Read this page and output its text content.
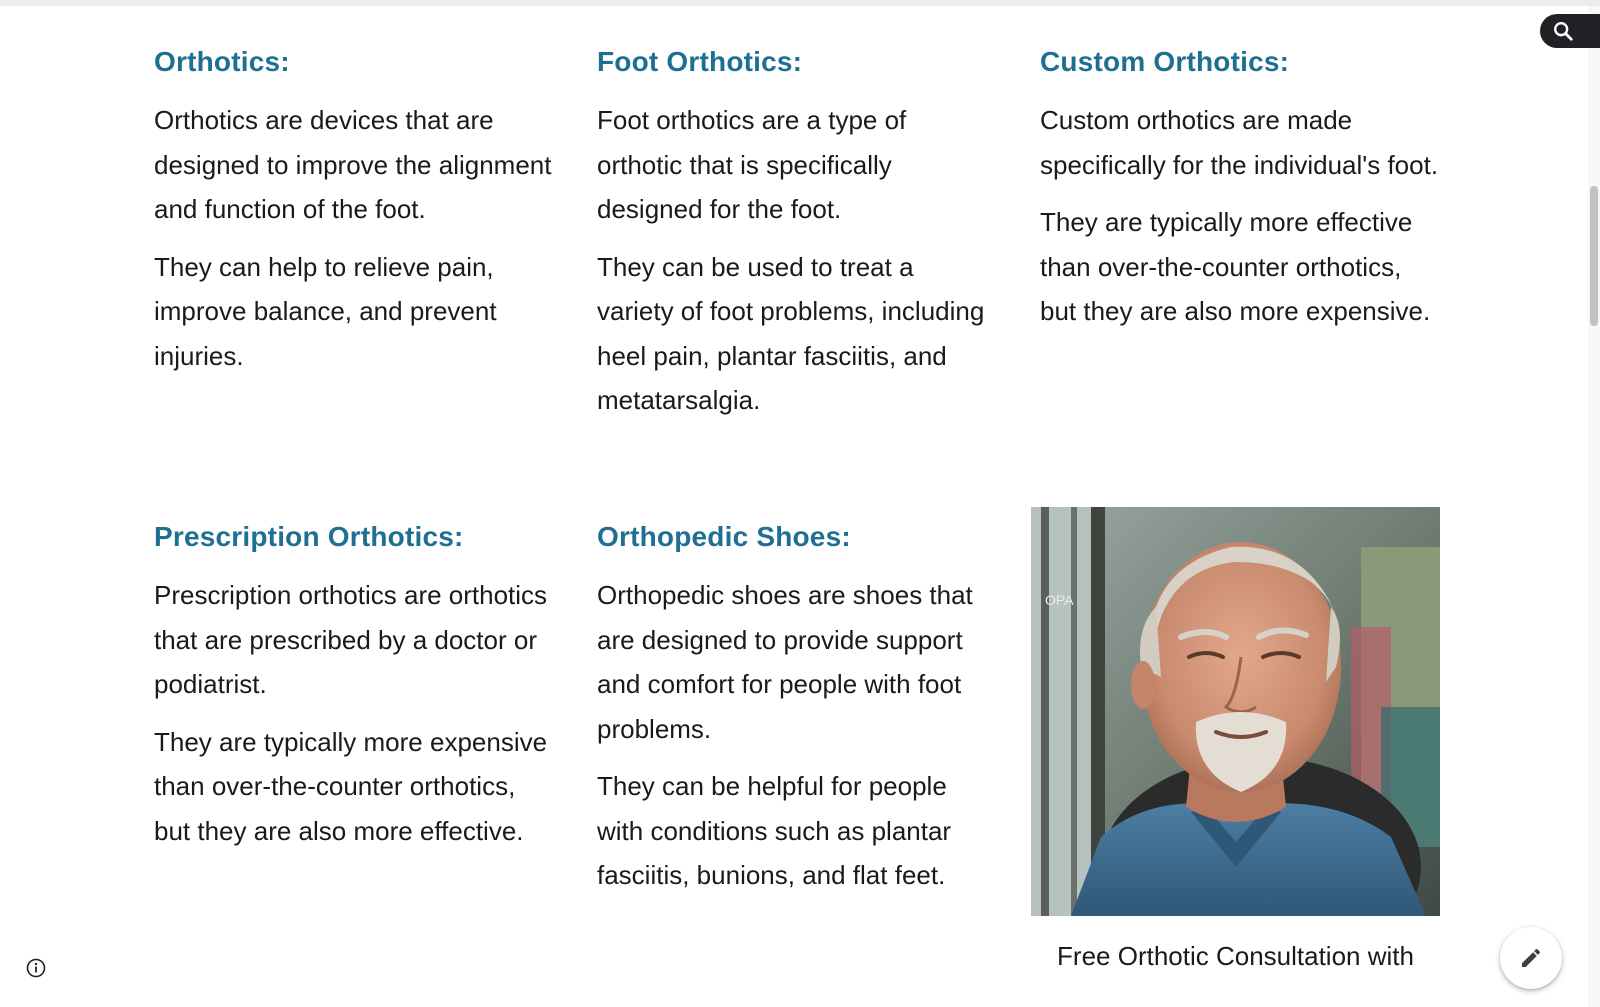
Orthotics:

Orthotics are devices that are designed to improve the alignment and function of the foot.

They can help to relieve pain, improve balance, and prevent injuries.

Foot Orthotics:

Foot orthotics are a type of orthotic that is specifically designed for the foot.

They can be used to treat a variety of foot problems, including heel pain, plantar fasciitis, and metatarsalgia.

Custom Orthotics:

Custom orthotics are made specifically for the individual's foot.

They are typically more effective than over-the-counter orthotics, but they are also more expensive.

Prescription Orthotics:

Prescription orthotics are orthotics that are prescribed by a doctor or podiatrist.

They are typically more expensive than over-the-counter orthotics, but they are also more effective.

Orthopedic Shoes:

Orthopedic shoes are shoes that are designed to provide support and comfort for people with foot problems.

They can be helpful for people with conditions such as plantar fasciitis, bunions, and flat feet.

OPA
Free Orthotic Consultation with
